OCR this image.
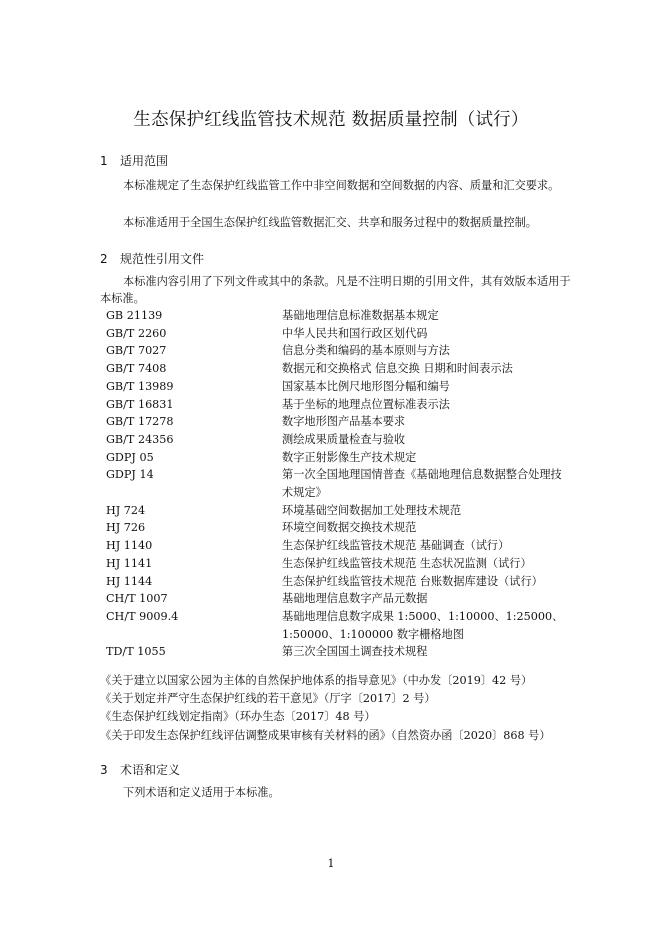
生态保护红线监管技术规范 数据质量控制（试行）
1 适用范围
本标准规定了生态保护红线监管工作中非空间数据和空间数据的内容、质量和汇交要求。
本标准适用于全国生态保护红线监管数据汇交、共享和服务过程中的数据质量控制。
2 规范性引用文件
本标准内容引用了下列文件或其中的条款。凡是不注明日期的引用文件，其有效版本适用于本标准。
GB 21139	基础地理信息标准数据基本规定
GB/T 2260	中华人民共和国行政区划代码
GB/T 7027	信息分类和编码的基本原则与方法
GB/T 7408	数据元和交换格式 信息交换 日期和时间表示法
GB/T 13989	国家基本比例尺地形图分幅和编号
GB/T 16831	基于坐标的地理点位置标准表示法
GB/T 17278	数字地形图产品基本要求
GB/T 24356	测绘成果质量检查与验收
GDPJ 05	数字正射影像生产技术规定
GDPJ 14	第一次全国地理国情普查《基础地理信息数据整合处理技术规定》
HJ 724	环境基础空间数据加工处理技术规范
HJ 726	环境空间数据交换技术规范
HJ 1140	生态保护红线监管技术规范 基础调查（试行）
HJ 1141	生态保护红线监管技术规范 生态状况监测（试行）
HJ 1144	生态保护红线监管技术规范 台账数据库建设（试行）
CH/T 1007	基础地理信息数字产品元数据
CH/T 9009.4	基础地理信息数字成果 1:5000、1:10000、1:25000、1:50000、1:100000 数字栅格地图
TD/T 1055	第三次全国国土调查技术规程
《关于建立以国家公园为主体的自然保护地体系的指导意见》（中办发〔2019〕42 号）
《关于划定并严守生态保护红线的若干意见》（厅字〔2017〕2 号）
《生态保护红线划定指南》（环办生态〔2017〕48 号）
《关于印发生态保护红线评估调整成果审核有关材料的函》（自然资办函〔2020〕868 号）
3 术语和定义
下列术语和定义适用于本标准。
1
